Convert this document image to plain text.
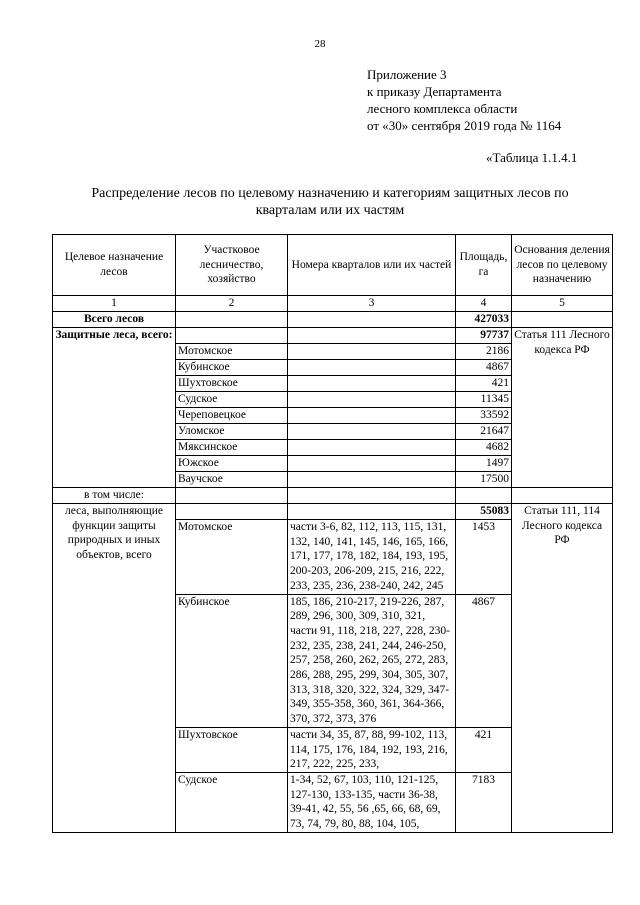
28
Приложение 3
к приказу Департамента
лесного комплекса области
от «30» сентября 2019 года № 1164
«Таблица 1.1.4.1
Распределение лесов по целевому назначению и категориям защитных лесов по
кварталам или их частям
Целевое назначение лесов	Участковое лесничество, хозяйство	Номера кварталов или их частей	Площадь, га	Основания деления лесов по целевому назначению
1	2	3	4	5
Всего лесов			427033	
Защитные леса, всего:			97737	Статья 111 Лесного кодекса РФ
	Мотомское		2186	
	Кубинское		4867	
	Шухтовское		421	
	Судское		11345	
	Череповецкое		33592	
	Уломское		21647	
	Мяксинское		4682	
	Южское		1497	
	Ваучское		17500	
в том числе:				
леса, выполняющие функции защиты природных и иных объектов, всего			55083	Статьи 111, 114 Лесного кодекса РФ
	Мотомское	части 3-6, 82, 112, 113, 115, 131, 132, 140, 141, 145, 146, 165, 166, 171, 177, 178, 182, 184, 193, 195, 200-203, 206-209, 215, 216, 222, 233, 235, 236, 238-240, 242, 245	1453	
	Кубинское	185, 186, 210-217, 219-226, 287, 289, 296, 300, 309, 310, 321, части 91, 118, 218, 227, 228, 230-232, 235, 238, 241, 244, 246-250, 257, 258, 260, 262, 265, 272, 283, 286, 288, 295, 299, 304, 305, 307, 313, 318, 320, 322, 324, 329, 347-349, 355-358, 360, 361, 364-366, 370, 372, 373, 376	4867	
	Шухтовское	части 34, 35, 87, 88, 99-102, 113, 114, 175, 176, 184, 192, 193, 216, 217, 222, 225, 233,	421	
	Судское	1-34, 52, 67, 103, 110, 121-125, 127-130, 133-135, части 36-38, 39-41, 42, 55, 56 ,65, 66, 68, 69, 73, 74, 79, 80, 88, 104, 105,	7183	
